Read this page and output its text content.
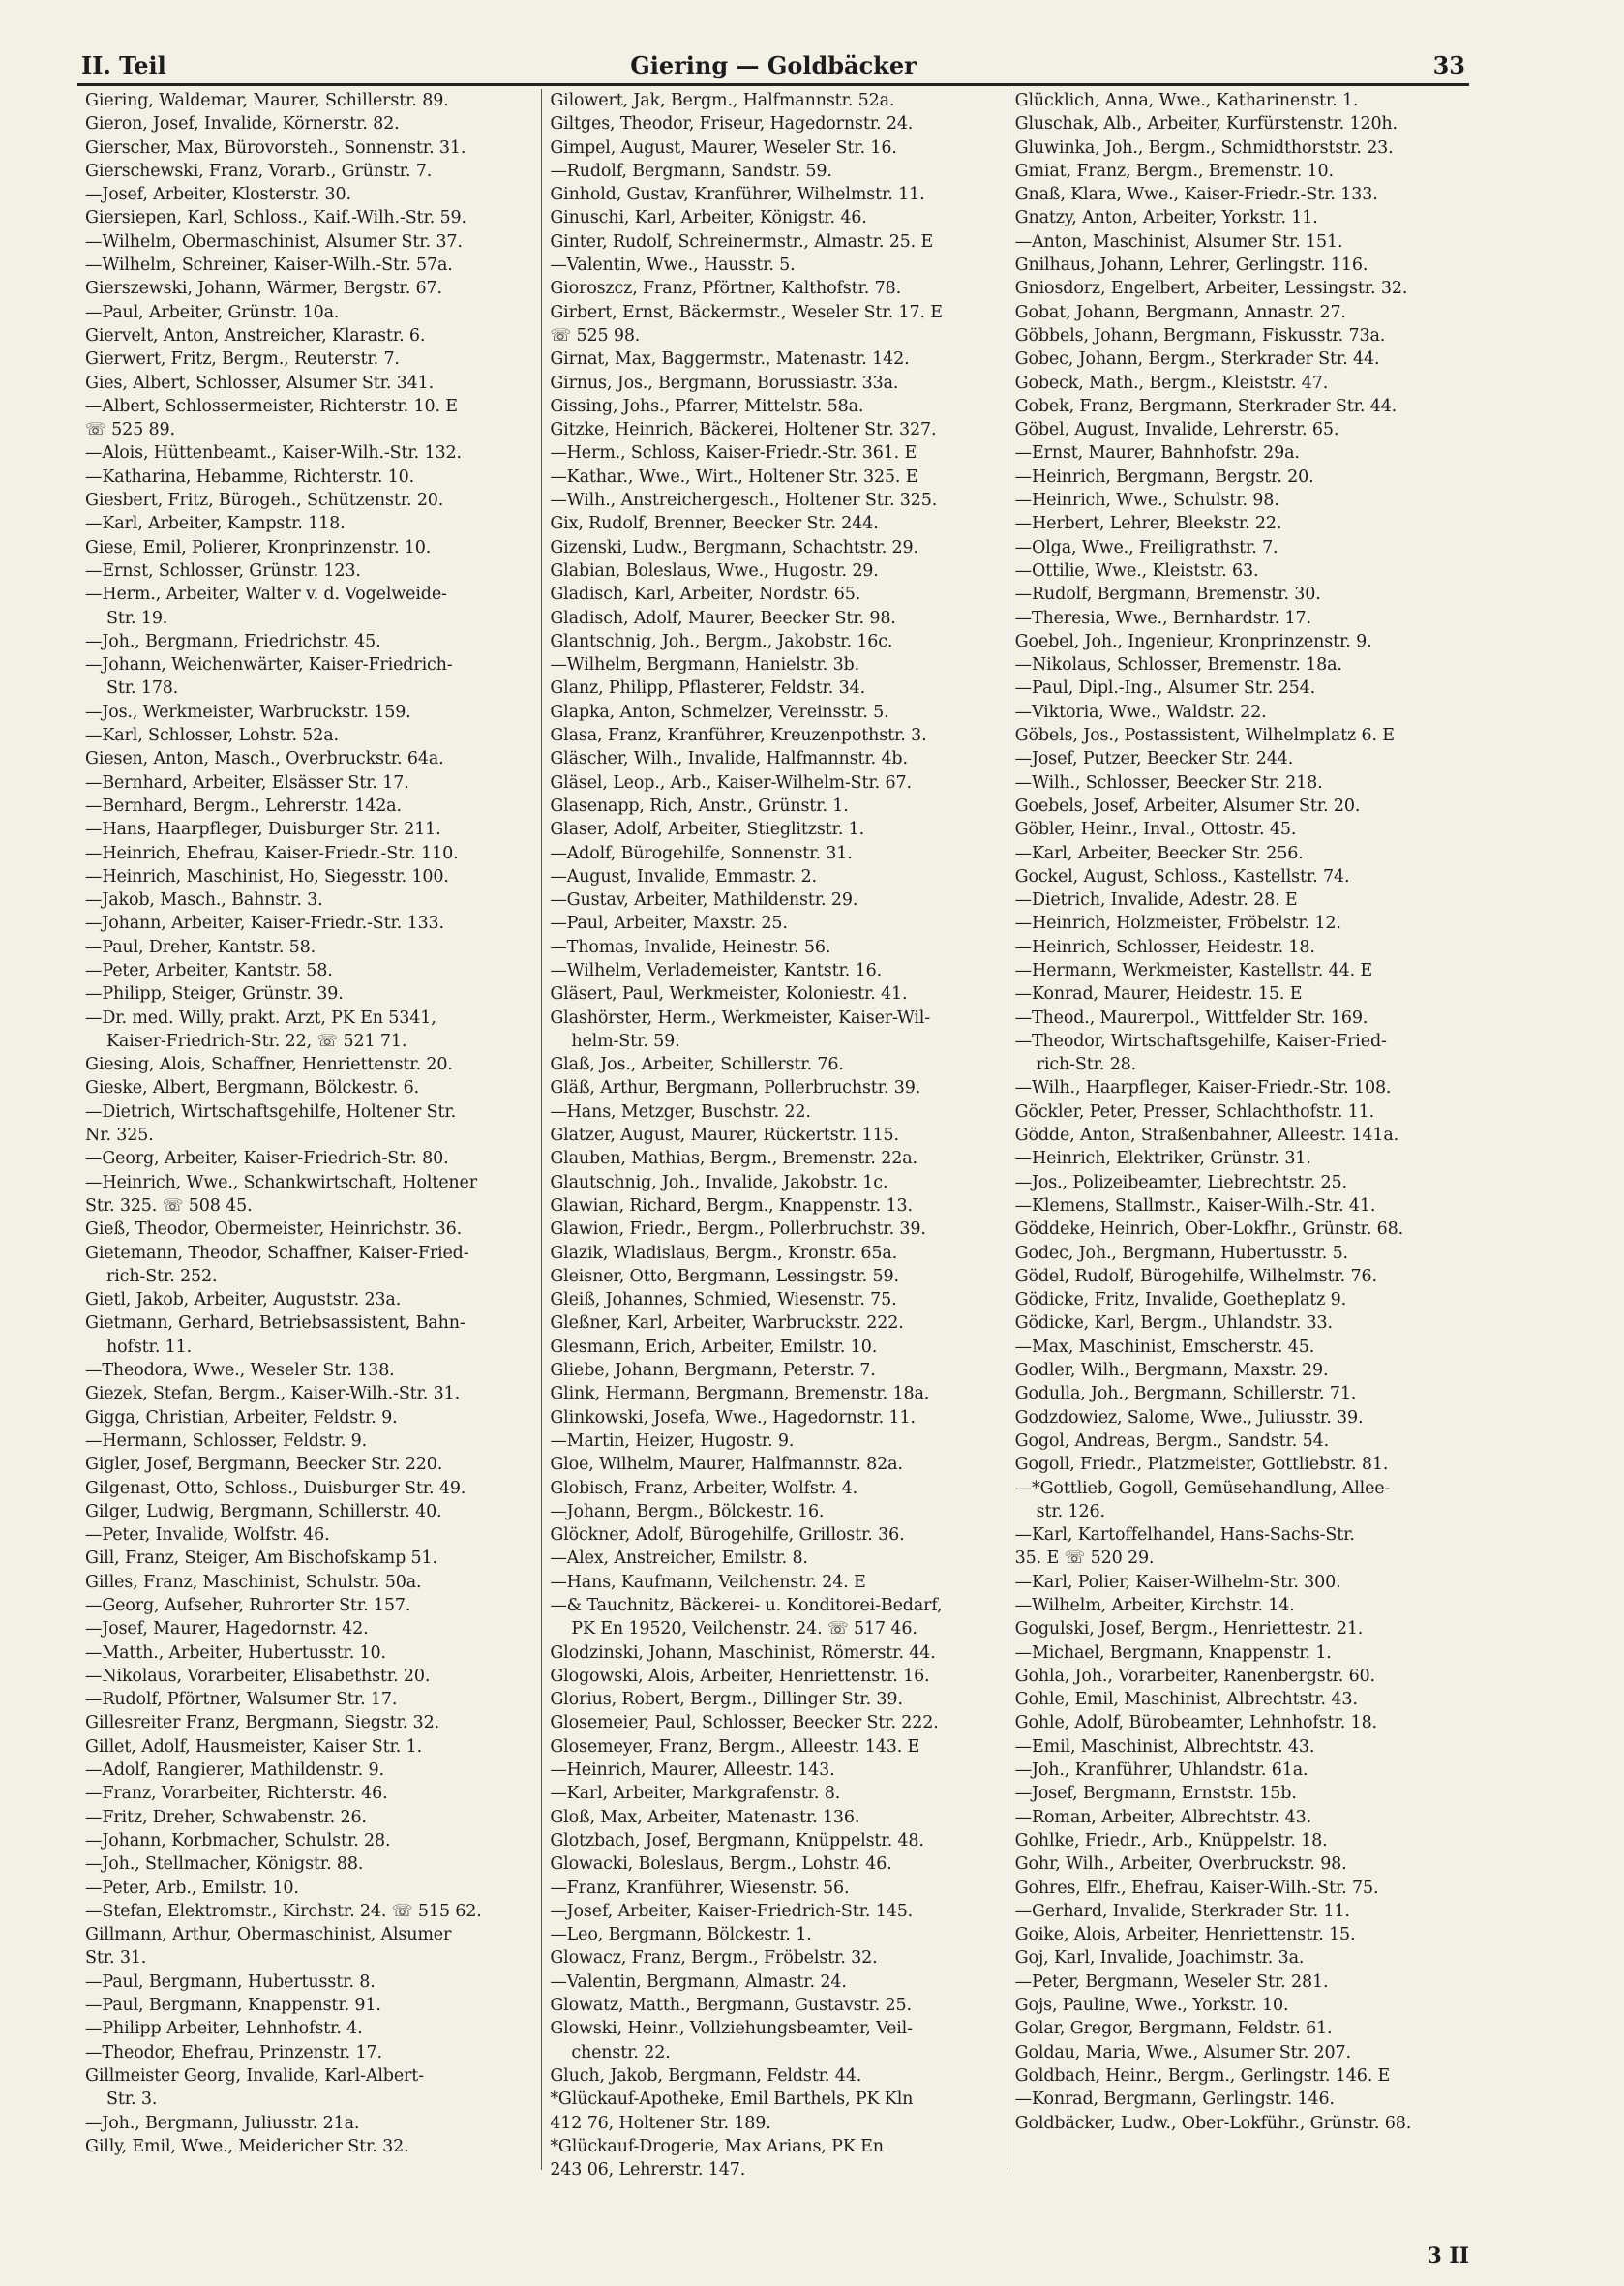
II. Teil	Giering — Goldbäcker	33
Giering, Waldemar, Maurer, Schillerstr. 89.
Gieron, Josef, Invalide, Körnerstr. 82.
Gierscher, Max, Bürovorsteh., Sonnenstr. 31.
Gierschewski, Franz, Vorarb., Grünstr. 7.
—Josef, Arbeiter, Klosterstr. 30.
Giersiepen, Karl, Schloss., Kaif.-Wilh.-Str. 59.
—Wilhelm, Obermaschinist, Alsumer Str. 37.
—Wilhelm, Schreiner, Kaiser-Wilh.-Str. 57a.
Gierszewski, Johann, Wärmer, Bergstr. 67.
—Paul, Arbeiter, Grünstr. 10a.
Giervelt, Anton, Anstreicher, Klarastr. 6.
Gierwert, Fritz, Bergm., Reuterstr. 7.
Gies, Albert, Schlosser, Alsumer Str. 341.
—Albert, Schlossermeister, Richterstr. 10. E
☏ 525 89.
—Alois, Hüttenbeamt., Kaiser-Wilh.-Str. 132.
—Katharina, Hebamme, Richterstr. 10.
Giesbert, Fritz, Bürogeh., Schützenstr. 20.
—Karl, Arbeiter, Kampstr. 118.
Giese, Emil, Polierer, Kronprinzenstr. 10.
—Ernst, Schlosser, Grünstr. 123.
—Herm., Arbeiter, Walter v. d. Vogelweide-
Str. 19.
—Joh., Bergmann, Friedrichstr. 45.
—Johann, Weichenwärter, Kaiser-Friedrich-
Str. 178.
—Jos., Werkmeister, Warbruckstr. 159.
—Karl, Schlosser, Lohstr. 52a.
Giesen, Anton, Masch., Overbruckstr. 64a.
—Bernhard, Arbeiter, Elsässer Str. 17.
—Bernhard, Bergm., Lehrerstr. 142a.
—Hans, Haarpfleger, Duisburger Str. 211.
—Heinrich, Ehefrau, Kaiser-Friedr.-Str. 110.
—Heinrich, Maschinist, Ho, Siegesstr. 100.
—Jakob, Masch., Bahnstr. 3.
—Johann, Arbeiter, Kaiser-Friedr.-Str. 133.
—Paul, Dreher, Kantstr. 58.
—Peter, Arbeiter, Kantstr. 58.
—Philipp, Steiger, Grünstr. 39.
—Dr. med. Willy, prakt. Arzt, PK En 5341,
Kaiser-Friedrich-Str. 22, ☏ 521 71.
Giesing, Alois, Schaffner, Henriettenstr. 20.
Gieske, Albert, Bergmann, Bölckestr. 6.
—Dietrich, Wirtschaftsgehilfe, Holtener Str.
Nr. 325.
—Georg, Arbeiter, Kaiser-Friedrich-Str. 80.
—Heinrich, Wwe., Schankwirtschaft, Holtener
Str. 325. ☏ 508 45.
Gieß, Theodor, Obermeister, Heinrichstr. 36.
Gietemann, Theodor, Schaffner, Kaiser-Fried-
rich-Str. 252.
Gietl, Jakob, Arbeiter, Auguststr. 23a.
Gietmann, Gerhard, Betriebsassistent, Bahn-
hofstr. 11.
—Theodora, Wwe., Weseler Str. 138.
Giezek, Stefan, Bergm., Kaiser-Wilh.-Str. 31.
Gigga, Christian, Arbeiter, Feldstr. 9.
—Hermann, Schlosser, Feldstr. 9.
Gigler, Josef, Bergmann, Beecker Str. 220.
Gilgenast, Otto, Schloss., Duisburger Str. 49.
Gilger, Ludwig, Bergmann, Schillerstr. 40.
—Peter, Invalide, Wolfstr. 46.
Gill, Franz, Steiger, Am Bischofskamp 51.
Gilles, Franz, Maschinist, Schulstr. 50a.
—Georg, Aufseher, Ruhrorter Str. 157.
—Josef, Maurer, Hagedornstr. 42.
—Matth., Arbeiter, Hubertusstr. 10.
—Nikolaus, Vorarbeiter, Elisabethstr. 20.
—Rudolf, Pförtner, Walsumer Str. 17.
Gillesreiter Franz, Bergmann, Siegstr. 32.
Gillet, Adolf, Hausmeister, Kaiser Str. 1.
—Adolf, Rangierer, Mathildenstr. 9.
—Franz, Vorarbeiter, Richterstr. 46.
—Fritz, Dreher, Schwabenstr. 26.
—Johann, Korbmacher, Schulstr. 28.
—Joh., Stellmacher, Königstr. 88.
—Peter, Arb., Emilstr. 10.
—Stefan, Elektromstr., Kirchstr. 24. ☏ 515 62.
Gillmann, Arthur, Obermaschinist, Alsumer
Str. 31.
—Paul, Bergmann, Hubertusstr. 8.
—Paul, Bergmann, Knappenstr. 91.
—Philipp Arbeiter, Lehnhofstr. 4.
—Theodor, Ehefrau, Prinzenstr. 17.
Gillmeister Georg, Invalide, Karl-Albert-
Str. 3.
—Joh., Bergmann, Juliusstr. 21a.
Gilly, Emil, Wwe., Meidericher Str. 32.
Gilowert, Jak, Bergm., Halfmannstr. 52a.
Giltges, Theodor, Friseur, Hagedornstr. 24.
Gimpel, August, Maurer, Weseler Str. 16.
—Rudolf, Bergmann, Sandstr. 59.
Ginhold, Gustav, Kranführer, Wilhelmstr. 11.
Ginuschi, Karl, Arbeiter, Königstr. 46.
Ginter, Rudolf, Schreinermstr., Almastr. 25. E
—Valentin, Wwe., Hausstr. 5.
Gioroszcz, Franz, Pförtner, Kalthofstr. 78.
Girbert, Ernst, Bäckermstr., Weseler Str. 17. E
☏ 525 98.
Girnat, Max, Baggermstr., Matenastr. 142.
Girnus, Jos., Bergmann, Borussiastr. 33a.
Gissing, Johs., Pfarrer, Mittelstr. 58a.
Gitzke, Heinrich, Bäckerei, Holtener Str. 327.
—Herm., Schloss, Kaiser-Friedr.-Str. 361. E
—Kathar., Wwe., Wirt., Holtener Str. 325. E
—Wilh., Anstreichergesch., Holtener Str. 325.
Gix, Rudolf, Brenner, Beecker Str. 244.
Gizenski, Ludw., Bergmann, Schachtstr. 29.
Glabian, Boleslaus, Wwe., Hugostr. 29.
Gladisch, Karl, Arbeiter, Nordstr. 65.
Gladisch, Adolf, Maurer, Beecker Str. 98.
Glantschnig, Joh., Bergm., Jakobstr. 16c.
—Wilhelm, Bergmann, Hanielstr. 3b.
Glanz, Philipp, Pflasterer, Feldstr. 34.
Glapka, Anton, Schmelzer, Vereinsstr. 5.
Glasa, Franz, Kranführer, Kreuzenpothstr. 3.
Gläscher, Wilh., Invalide, Halfmannstr. 4b.
Gläsel, Leop., Arb., Kaiser-Wilhelm-Str. 67.
Glasenapp, Rich, Anstr., Grünstr. 1.
Glaser, Adolf, Arbeiter, Stieglitzstr. 1.
—Adolf, Bürogehilfe, Sonnenstr. 31.
—August, Invalide, Emmastr. 2.
—Gustav, Arbeiter, Mathildenstr. 29.
—Paul, Arbeiter, Maxstr. 25.
—Thomas, Invalide, Heinestr. 56.
—Wilhelm, Verlademeister, Kantstr. 16.
Gläsert, Paul, Werkmeister, Koloniestr. 41.
Glashörster, Herm., Werkmeister, Kaiser-Wil-
helm-Str. 59.
Glaß, Jos., Arbeiter, Schillerstr. 76.
Gläß, Arthur, Bergmann, Pollerbruchstr. 39.
—Hans, Metzger, Buschstr. 22.
Glatzer, August, Maurer, Rückertstr. 115.
Glauben, Mathias, Bergm., Bremenstr. 22a.
Glautschnig, Joh., Invalide, Jakobstr. 1c.
Glawian, Richard, Bergm., Knappenstr. 13.
Glawion, Friedr., Bergm., Pollerbruchstr. 39.
Glazik, Wladislaus, Bergm., Kronstr. 65a.
Gleisner, Otto, Bergmann, Lessingstr. 59.
Gleiß, Johannes, Schmied, Wiesenstr. 75.
Gleßner, Karl, Arbeiter, Warbruckstr. 222.
Glesmann, Erich, Arbeiter, Emilstr. 10.
Gliebe, Johann, Bergmann, Peterstr. 7.
Glink, Hermann, Bergmann, Bremenstr. 18a.
Glinkowski, Josefa, Wwe., Hagedornstr. 11.
—Martin, Heizer, Hugostr. 9.
Gloe, Wilhelm, Maurer, Halfmannstr. 82a.
Globisch, Franz, Arbeiter, Wolfstr. 4.
—Johann, Bergm., Bölckestr. 16.
Glöckner, Adolf, Bürogehilfe, Grillostr. 36.
—Alex, Anstreicher, Emilstr. 8.
—Hans, Kaufmann, Veilchenstr. 24. E
—& Tauchnitz, Bäckerei- u. Konditorei-Bedarf,
PK En 19520, Veilchenstr. 24. ☏ 517 46.
Glodzinski, Johann, Maschinist, Römerstr. 44.
Glogowski, Alois, Arbeiter, Henriettenstr. 16.
Glorius, Robert, Bergm., Dillinger Str. 39.
Glosemeier, Paul, Schlosser, Beecker Str. 222.
Glosemeyer, Franz, Bergm., Alleestr. 143. E
—Heinrich, Maurer, Alleestr. 143.
—Karl, Arbeiter, Markgrafenstr. 8.
Gloß, Max, Arbeiter, Matenastr. 136.
Glotzbach, Josef, Bergmann, Knüppelstr. 48.
Glowacki, Boleslaus, Bergm., Lohstr. 46.
—Franz, Kranführer, Wiesenstr. 56.
—Josef, Arbeiter, Kaiser-Friedrich-Str. 145.
—Leo, Bergmann, Bölckestr. 1.
Glowacz, Franz, Bergm., Fröbelstr. 32.
—Valentin, Bergmann, Almastr. 24.
Glowatz, Matth., Bergmann, Gustavstr. 25.
Glowski, Heinr., Vollziehungsbeamter, Veil-
chenstr. 22.
Gluch, Jakob, Bergmann, Feldstr. 44.
*Glückauf-Apotheke, Emil Barthels, PK Kln
412 76, Holtener Str. 189.
*Glückauf-Drogerie, Max Arians, PK En
243 06, Lehrerstr. 147.
Glücklich, Anna, Wwe., Katharinenstr. 1.
Gluschak, Alb., Arbeiter, Kurfürstenstr. 120h.
Gluwinka, Joh., Bergm., Schmidthorststr. 23.
Gmiat, Franz, Bergm., Bremenstr. 10.
Gnaß, Klara, Wwe., Kaiser-Friedr.-Str. 133.
Gnatzy, Anton, Arbeiter, Yorkstr. 11.
—Anton, Maschinist, Alsumer Str. 151.
Gnilhaus, Johann, Lehrer, Gerlingstr. 116.
Gniosdorz, Engelbert, Arbeiter, Lessingstr. 32.
Gobat, Johann, Bergmann, Annastr. 27.
Göbbels, Johann, Bergmann, Fiskusstr. 73a.
Gobec, Johann, Bergm., Sterkrader Str. 44.
Gobeck, Math., Bergm., Kleiststr. 47.
Gobek, Franz, Bergmann, Sterkrader Str. 44.
Göbel, August, Invalide, Lehrerstr. 65.
—Ernst, Maurer, Bahnhofstr. 29a.
—Heinrich, Bergmann, Bergstr. 20.
—Heinrich, Wwe., Schulstr. 98.
—Herbert, Lehrer, Bleekstr. 22.
—Olga, Wwe., Freiligrathstr. 7.
—Ottilie, Wwe., Kleiststr. 63.
—Rudolf, Bergmann, Bremenstr. 30.
—Theresia, Wwe., Bernhardstr. 17.
Goebel, Joh., Ingenieur, Kronprinzenstr. 9.
—Nikolaus, Schlosser, Bremenstr. 18a.
—Paul, Dipl.-Ing., Alsumer Str. 254.
—Viktoria, Wwe., Waldstr. 22.
Göbels, Jos., Postassistent, Wilhelmplatz 6. E
—Josef, Putzer, Beecker Str. 244.
—Wilh., Schlosser, Beecker Str. 218.
Goebels, Josef, Arbeiter, Alsumer Str. 20.
Göbler, Heinr., Inval., Ottostr. 45.
—Karl, Arbeiter, Beecker Str. 256.
Gockel, August, Schloss., Kastellstr. 74.
—Dietrich, Invalide, Adestr. 28. E
—Heinrich, Holzmeister, Fröbelstr. 12.
—Heinrich, Schlosser, Heidestr. 18.
—Hermann, Werkmeister, Kastellstr. 44. E
—Konrad, Maurer, Heidestr. 15. E
—Theod., Maurerpol., Wittfelder Str. 169.
—Theodor, Wirtschaftsgehilfe, Kaiser-Fried-
rich-Str. 28.
—Wilh., Haarpfleger, Kaiser-Friedr.-Str. 108.
Göckler, Peter, Presser, Schlachthofstr. 11.
Gödde, Anton, Straßenbahner, Alleestr. 141a.
—Heinrich, Elektriker, Grünstr. 31.
—Jos., Polizeibeamter, Liebrechtstr. 25.
—Klemens, Stallmstr., Kaiser-Wilh.-Str. 41.
Göddeke, Heinrich, Ober-Lokfhr., Grünstr. 68.
Godec, Joh., Bergmann, Hubertusstr. 5.
Gödel, Rudolf, Bürogehilfe, Wilhelmstr. 76.
Gödicke, Fritz, Invalide, Goetheplatz 9.
Gödicke, Karl, Bergm., Uhlandstr. 33.
—Max, Maschinist, Emscherstr. 45.
Godler, Wilh., Bergmann, Maxstr. 29.
Godulla, Joh., Bergmann, Schillerstr. 71.
Godzdowiez, Salome, Wwe., Juliusstr. 39.
Gogol, Andreas, Bergm., Sandstr. 54.
Gogoll, Friedr., Platzmeister, Gottliebstr. 81.
—*Gottlieb, Gogoll, Gemüsehandlung, Allee-
str. 126.
—Karl, Kartoffelhandel, Hans-Sachs-Str.
35. E ☏ 520 29.
—Karl, Polier, Kaiser-Wilhelm-Str. 300.
—Wilhelm, Arbeiter, Kirchstr. 14.
Gogulski, Josef, Bergm., Henriettestr. 21.
—Michael, Bergmann, Knappenstr. 1.
Gohla, Joh., Vorarbeiter, Ranenbergstr. 60.
Gohle, Emil, Maschinist, Albrechtstr. 43.
Gohle, Adolf, Bürobeamter, Lehnhofstr. 18.
—Emil, Maschinist, Albrechtstr. 43.
—Joh., Kranführer, Uhlandstr. 61a.
—Josef, Bergmann, Ernststr. 15b.
—Roman, Arbeiter, Albrechtstr. 43.
Gohlke, Friedr., Arb., Knüppelstr. 18.
Gohr, Wilh., Arbeiter, Overbruckstr. 98.
Gohres, Elfr., Ehefrau, Kaiser-Wilh.-Str. 75.
—Gerhard, Invalide, Sterkrader Str. 11.
Goike, Alois, Arbeiter, Henriettenstr. 15.
Goj, Karl, Invalide, Joachimstr. 3a.
—Peter, Bergmann, Weseler Str. 281.
Gojs, Pauline, Wwe., Yorkstr. 10.
Golar, Gregor, Bergmann, Feldstr. 61.
Goldau, Maria, Wwe., Alsumer Str. 207.
Goldbach, Heinr., Bergm., Gerlingstr. 146. E
—Konrad, Bergmann, Gerlingstr. 146.
Goldbäcker, Ludw., Ober-Lokführ., Grünstr. 68.
3 II
